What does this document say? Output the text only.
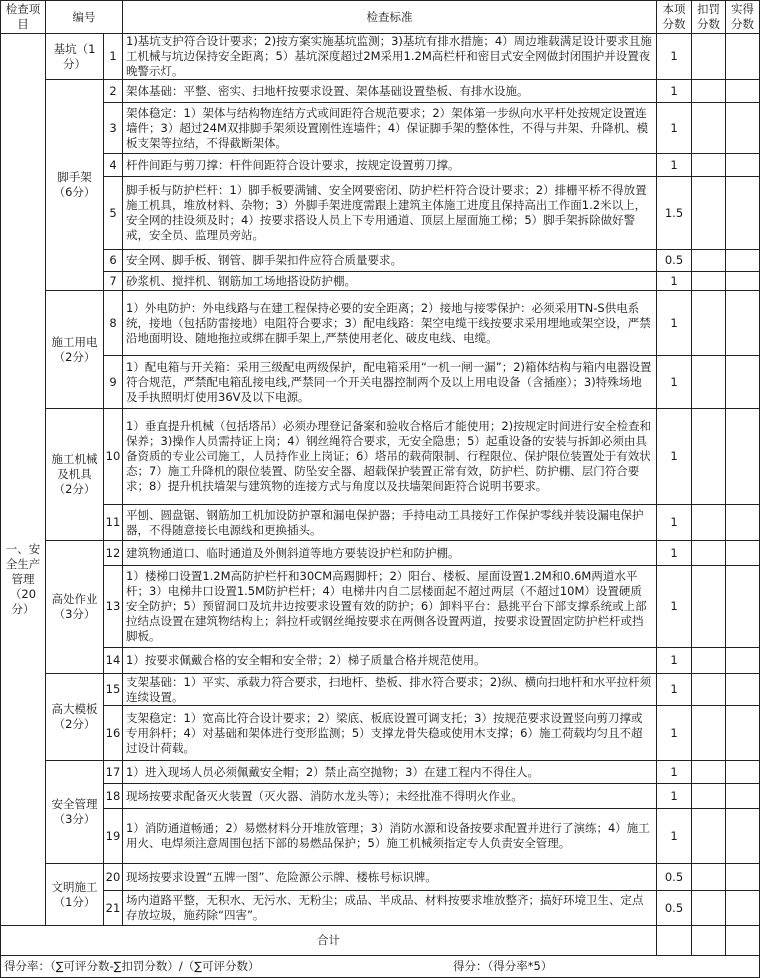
检查项目	编号		检查标准	本项分数	扣罚分数	实得分数
一、安全生产管理（20分）	基坑（1分）	1	1)基坑支护符合设计要求；2)按方案实施基坑监测；3)基坑有排水措施；4）周边堆载满足设计要求且施工机械与坑边保持安全距离；5）基坑深度超过2M采用1.2M高栏杆和密目式安全网做封闭围护并设置夜晚警示灯。	1		
	脚手架（6分）	2	架体基础：平整、密实、扫地杆按要求设置、架体基础设置垫板、有排水设施。	1		
		3	架体稳定：1）架体与结构物连结方式或间距符合规范要求；2）架体第一步纵向水平杆处按规定设置连墙件；3）超过24M双排脚手架须设置刚性连墙件；4）保证脚手架的整体性，不得与井架、升降机、模板支架等拉结，不得截断架体。	1		
		4	杆件间距与剪刀撑：杆件间距符合设计要求，按规定设置剪刀撑。	1		
		5	脚手板与防护栏杆：1）脚手板要满铺、安全网要密闭、防护栏杆符合设计要求；2）排栅平桥不得放置施工机具，堆放材料、杂物；3）外脚手架进度需跟上建筑主体施工进度且保持高出工作面1.2米以上，安全网的挂设须及时；4）按要求搭设人员上下专用通道、顶层上屋面施工梯；5）脚手架拆除做好警戒，安全员、监理员旁站。	1.5		
		6	安全网、脚手板、钢管、脚手架扣件应符合质量要求。	0.5		
		7	砂浆机、搅拌机、钢筋加工场地搭设防护棚。	1		
	施工用电（2分）	8	1）外电防护：外电线路与在建工程保持必要的安全距离；2）接地与接零保护：必须采用TN-S供电系统，接地（包括防雷接地）电阻符合要求；3）配电线路：架空电缆干线按要求采用埋地或架空设，严禁沿地面明设、随地拖拉或绑在脚手架上,严禁使用老化、破皮电线、电缆。	1		
		9	1）配电箱与开关箱：采用三级配电两级保护，配电箱采用“一机一闸一漏”；2)箱体结构与箱内电器设置符合规范，严禁配电箱乱接电线,严禁同一个开关电器控制两个及以上用电设备（含插座）；3)特殊场地及手执照明灯使用36V及以下电源。	1		
	施工机械及机具（2分）	10	1）垂直提升机械（包括塔吊）必须办理登记备案和验收合格后才能使用；2)按规定时间进行安全检查和保养；3)操作人员需持证上岗；4）钢丝绳符合要求，无安全隐患；5）起重设备的安装与拆卸必须由具备资质的专业公司施工，人员持作业上岗证；6）塔吊的载荷限制、行程限位、保护限位装置处于有效状态；7）施工升降机的限位装置、防坠安全器、超载保护装置正常有效，防护栏、防护棚、层门符合要求；8）提升机扶墙架与建筑物的连接方式与角度以及扶墙架间距符合说明书要求。	1		
		11	平刨、圆盘锯、钢筋加工机加设防护罩和漏电保护器；手持电动工具接好工作保护零线并装设漏电保护器，不得随意接长电源线和更换插头。	1		
	高处作业（3分）	12	建筑物通道口、临时通道及外侧斜道等地方要装设护栏和防护棚。	1		
		13	1）楼梯口设置1.2M高防护栏杆和30CM高踢脚杆；2）阳台、楼板、屋面设置1.2M和0.6M两道水平杆；3）电梯井口设置1.5M防护栏杆；4）电梯井内自二层楼面起不超过两层（不超过10M）设置硬质安全防护；5）预留洞口及坑井边按要求设置有效的防护；6）卸料平台：悬挑平台下部支撑系统或上部拉结点设置在建筑物结构上；斜拉杆或钢丝绳按要求在两侧各设置两道，按要求设置固定防护栏杆或挡脚板。	1		
		14	1）按要求佩戴合格的安全帽和安全带；2）梯子质量合格并规范使用。	1		
	高大模板（2分）	15	支架基础：1）平实、承载力符合要求，扫地杆、垫板、排水符合要求；2)纵、横向扫地杆和水平拉杆须连续设置。	1		
		16	支架稳定：1）宽高比符合设计要求；2）梁底、板底设置可调支托；3）按规范要求设置竖向剪刀撑或专用斜杆；4）对基础和架体进行变形监测；5）支撑龙骨失稳或使用木支撑；6）施工荷载均匀且不超过设计荷载。	1		
	安全管理（3分）	17	1）进入现场人员必须佩戴安全帽；2）禁止高空抛物；3）在建工程内不得住人。	1		
		18	现场按要求配备灭火装置（灭火器、消防水龙头等）；未经批准不得明火作业。	1		
		19	1）消防通道畅通；2）易燃材料分开堆放管理；3）消防水源和设备按要求配置并进行了演练；4）施工用火、电焊须注意周围包括下部的易燃品保护；5）施工机械须指定专人负责安全管理。	1		
	文明施工（1分）	20	现场按要求设置“五牌一图”、危险源公示牌、楼栋号标识牌。	0.5		
		21	场内道路平整，无积水、无污水、无粉尘；成品、半成品、材料按要求堆放整齐；搞好环境卫生、定点存放垃圾，施药除“四害”。	0.5		
合计						
得分率：（∑可评分数-∑扣罚分数）/（∑可评分数） 得分：（得分率*5）						
